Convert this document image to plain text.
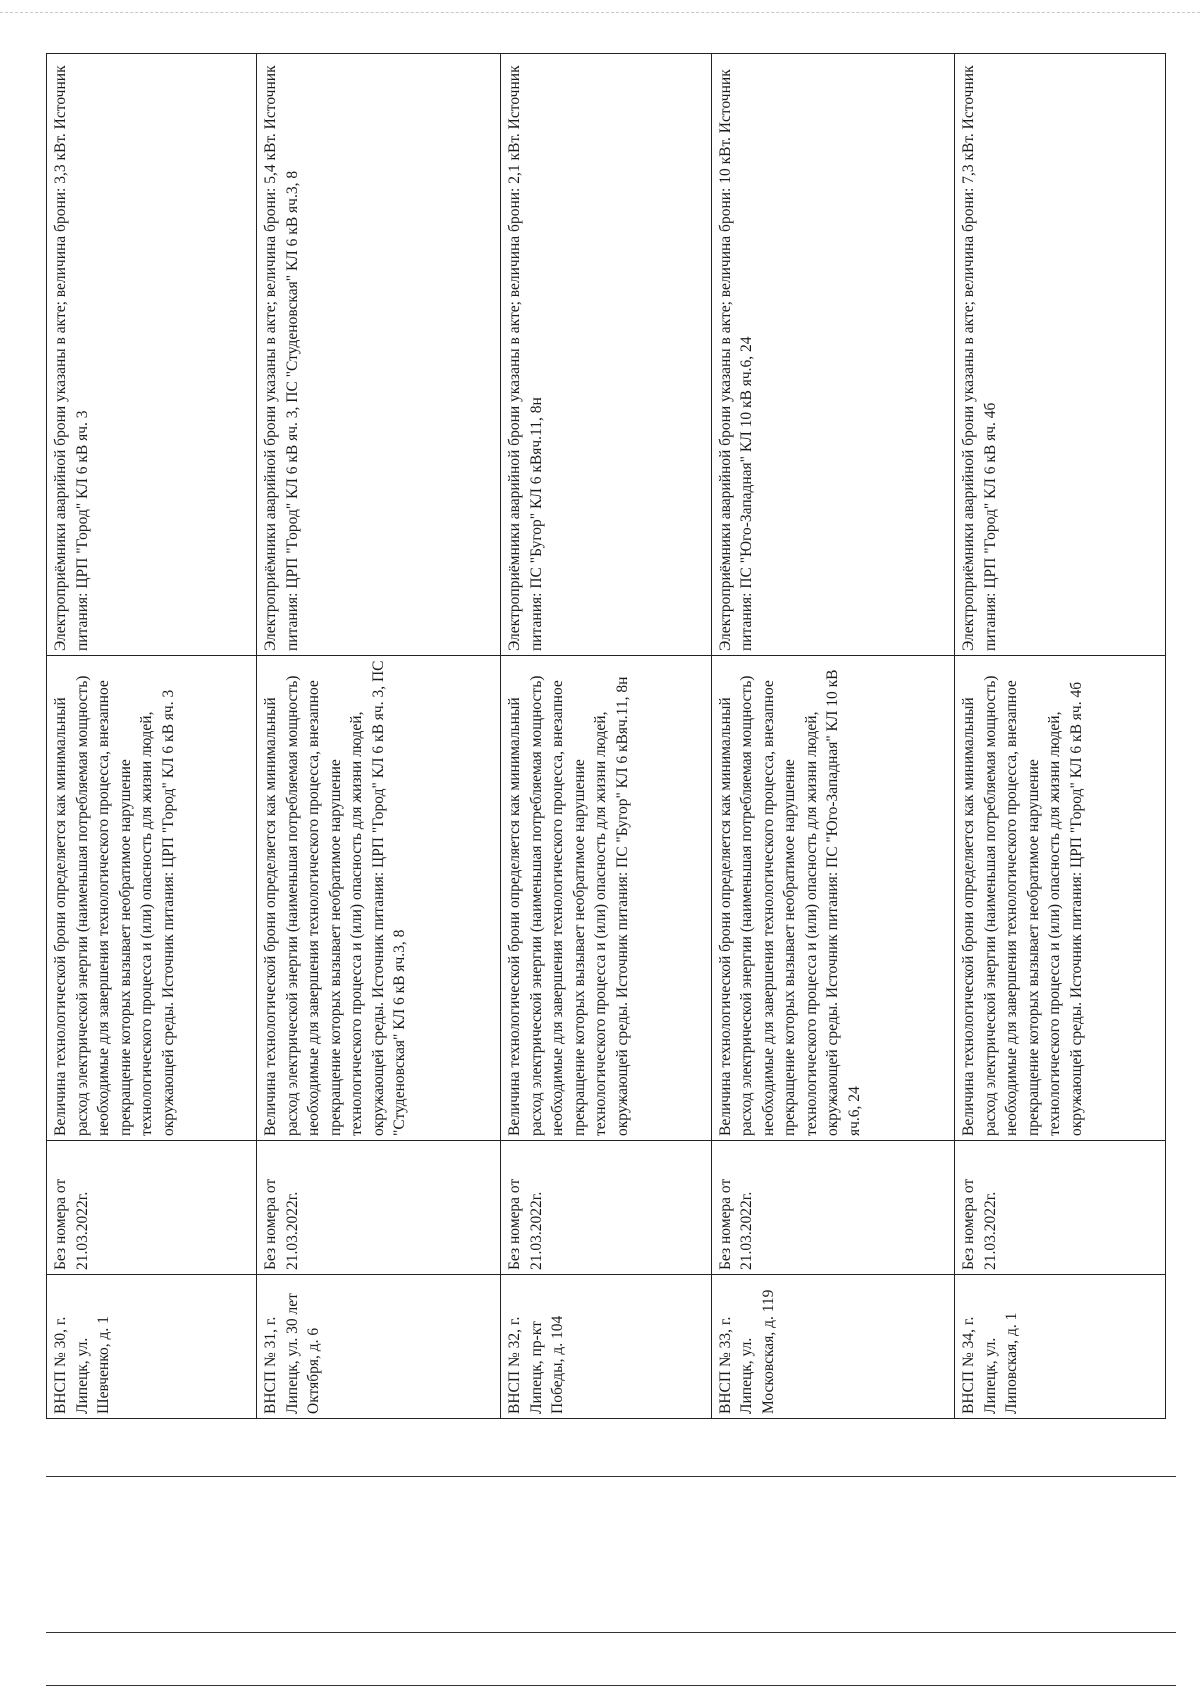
ВНСП № 30, г. Липецк, ул. Шевченко, д. 1	Без номера от 21.03.2022г.	Величина технологической брони определяется как минимальный расход электрической энергии (наименьшая потребляемая мощность) необходимые для завершения технологического процесса, внезапное прекращение которых вызывает необратимое нарушение технологического процесса и (или) опасность для жизни людей, окружающей среды. Источник питания: ЦРП "Город" КЛ 6 кВ яч. 3	Электроприёмники аварийной брони указаны в акте; величина брони: 3,3 кВт. Источник питания: ЦРП "Город" КЛ 6 кВ яч. 3
ВНСП № 31, г. Липецк, ул. 30 лет Октября, д. 6	Без номера от 21.03.2022г.	Величина технологической брони определяется как минимальный расход электрической энергии (наименьшая потребляемая мощность) необходимые для завершения технологического процесса, внезапное прекращение которых вызывает необратимое нарушение технологического процесса и (или) опасность для жизни людей, окружающей среды. Источник питания: ЦРП "Город" КЛ 6 кВ яч. 3, ПС "Студеновская" КЛ 6 кВ яч.3, 8	Электроприёмники аварийной брони указаны в акте; величина брони: 5,4 кВт. Источник питания: ЦРП "Город" КЛ 6 кВ яч. 3, ПС "Студеновская" КЛ 6 кВ яч.3, 8
ВНСП № 32, г. Липецк, пр-кт Победы, д. 104	Без номера от 21.03.2022г.	Величина технологической брони определяется как минимальный расход электрической энергии (наименьшая потребляемая мощность) необходимые для завершения технологического процесса, внезапное прекращение которых вызывает необратимое нарушение технологического процесса и (или) опасность для жизни людей, окружающей среды. Источник питания: ПС "Бугор" КЛ 6 кВяч.11, 8н	Электроприёмники аварийной брони указаны в акте; величина брони: 2,1 кВт. Источник питания: ПС "Бугор" КЛ 6 кВяч.11, 8н
ВНСП № 33, г. Липецк, ул. Московская, д. 119	Без номера от 21.03.2022г.	Величина технологической брони определяется как минимальный расход электрической энергии (наименьшая потребляемая мощность) необходимые для завершения технологического процесса, внезапное прекращение которых вызывает необратимое нарушение технологического процесса и (или) опасность для жизни людей, окружающей среды. Источник питания: ПС "Юго-Западная" КЛ 10 кВ яч.6, 24	Электроприёмники аварийной брони указаны в акте; величина брони: 10 кВт. Источник питания: ПС "Юго-Западная" КЛ 10 кВ яч.6, 24
ВНСП № 34, г. Липецк, ул. Липовская, д. 1	Без номера от 21.03.2022г.	Величина технологической брони определяется как минимальный расход электрической энергии (наименьшая потребляемая мощность) необходимые для завершения технологического процесса, внезапное прекращение которых вызывает необратимое нарушение технологического процесса и (или) опасность для жизни людей, окружающей среды. Источник питания: ЦРП "Город" КЛ 6 кВ яч. 4б	Электроприёмники аварийной брони указаны в акте; величина брони: 7,3 кВт. Источник питания: ЦРП "Город" КЛ 6 кВ яч. 4б
